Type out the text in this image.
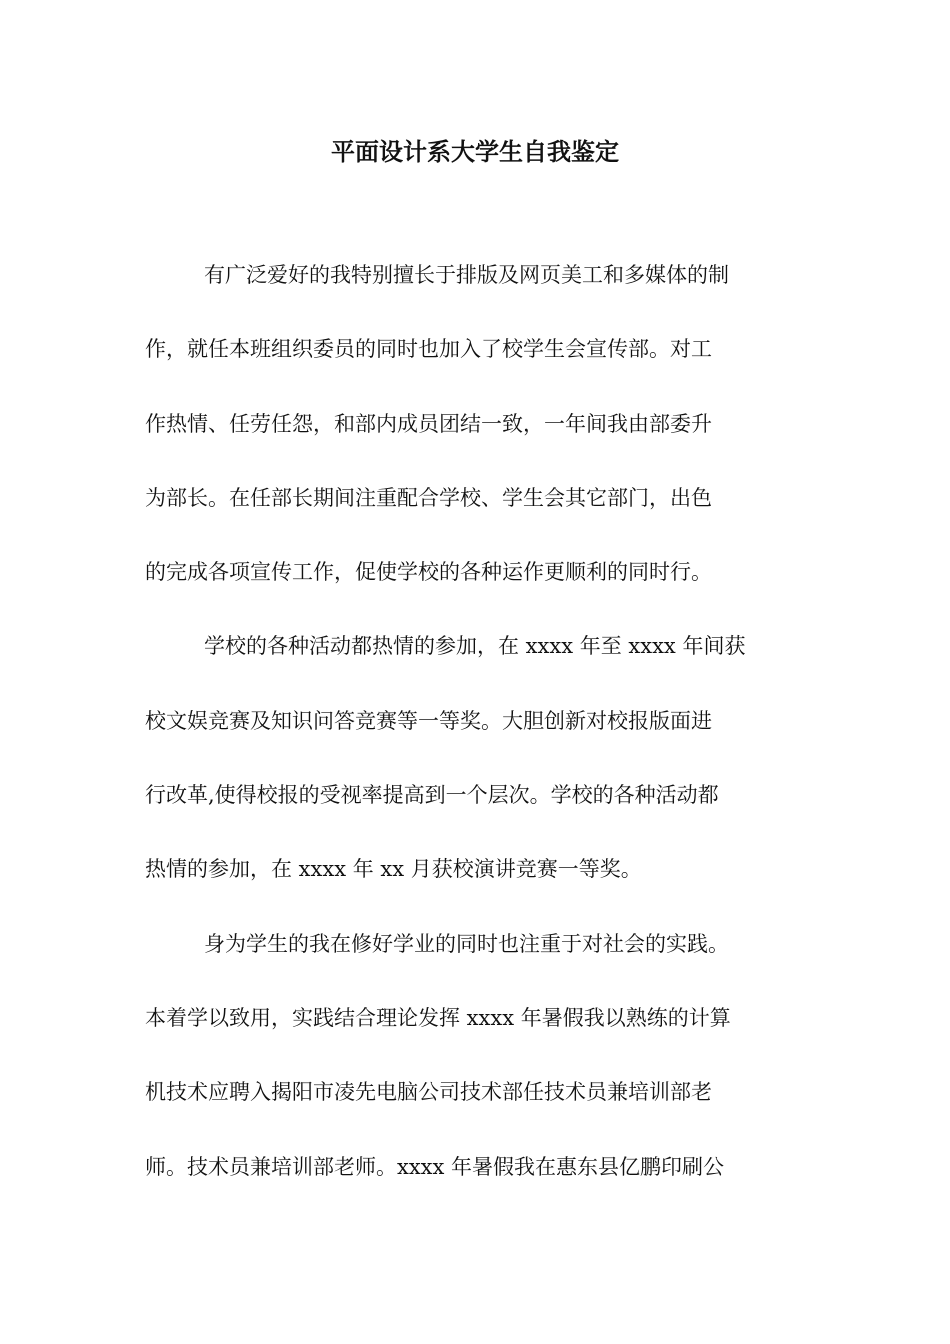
平面设计系大学生自我鉴定
有广泛爱好的我特别擅长于排版及网页美工和多媒体的制
作，就任本班组织委员的同时也加入了校学生会宣传部。对工
作热情、任劳任怨，和部内成员团结一致，一年间我由部委升
为部长。在任部长期间注重配合学校、学生会其它部门，出色
的完成各项宣传工作，促使学校的各种运作更顺利的同时行。
学校的各种活动都热情的参加，在 xxxx 年至 xxxx 年间获
校文娱竞赛及知识问答竞赛等一等奖。大胆创新对校报版面进
行改革,使得校报的受视率提高到一个层次。学校的各种活动都
热情的参加，在 xxxx 年 xx 月获校演讲竞赛一等奖。
身为学生的我在修好学业的同时也注重于对社会的实践。
本着学以致用，实践结合理论发挥 xxxx 年暑假我以熟练的计算
机技术应聘入揭阳市凌先电脑公司技术部任技术员兼培训部老
师。技术员兼培训部老师。xxxx 年暑假我在惠东县亿鹏印刷公
